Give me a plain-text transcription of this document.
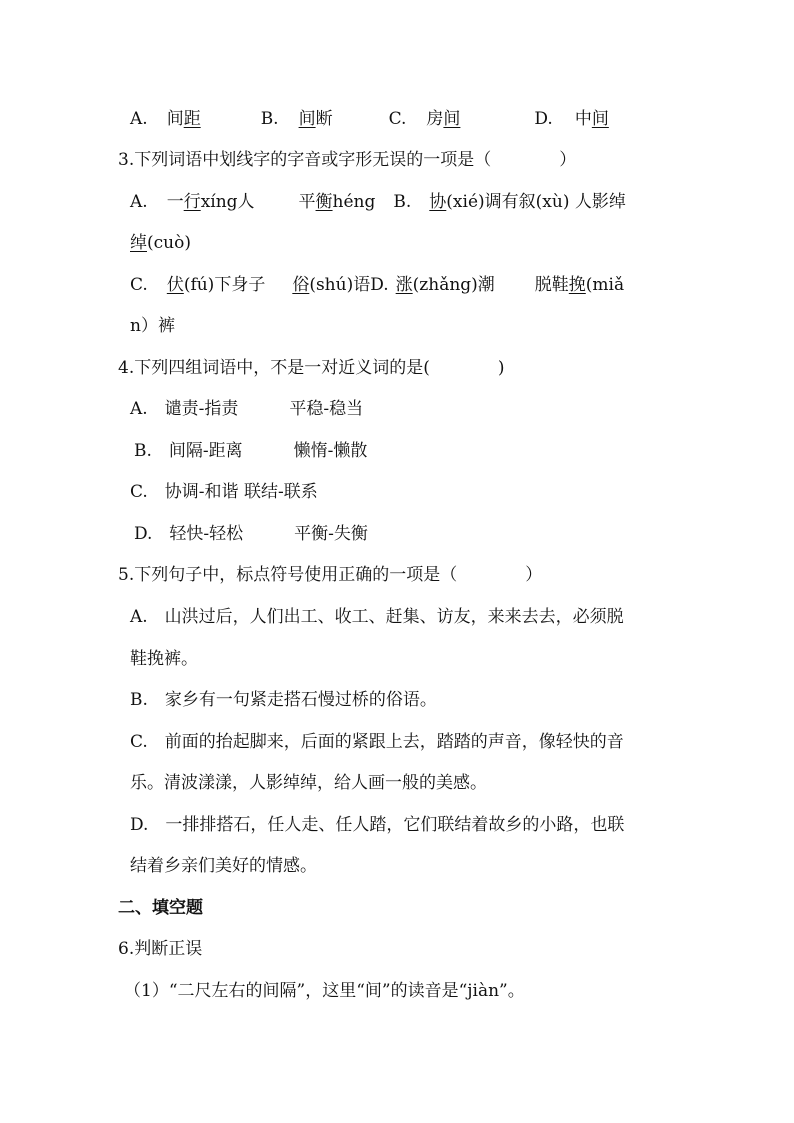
A. 间距	B. 间断	C. 房间	D. 中间
3.下列词语中划线字的字音或字形无误的一项是（　　　　）
A. 一行xíng人	平衡héng B. 协(xié)调有叙(xù) 人影绰
绰(cuò)
C. 伏(fú)下身子 俗(shú)语D. 涨(zhǎng)潮 脱鞋挽(miǎ
n）裤
4.下列四组词语中，不是一对近义词的是(　　　　)
A.　谴责-指责　　　平稳-稳当
B.　间隔-距离　　　懒惰-懒散
C.　协调-和谐 联结-联系
D.　轻快-轻松　　　平衡-失衡
5.下列句子中，标点符号使用正确的一项是（　　　　）
A.　山洪过后，人们出工、收工、赶集、访友，来来去去，必须脱
鞋挽裤。
B.　家乡有一句紧走搭石慢过桥的俗语。
C.　前面的抬起脚来，后面的紧跟上去，踏踏的声音，像轻快的音
乐。清波漾漾，人影绰绰，给人画一般的美感。
D.　一排排搭石，任人走、任人踏，它们联结着故乡的小路，也联
结着乡亲们美好的情感。
二、填空题
6.判断正误
（1）“二尺左右的间隔”，这里“间”的读音是“jiàn”。
